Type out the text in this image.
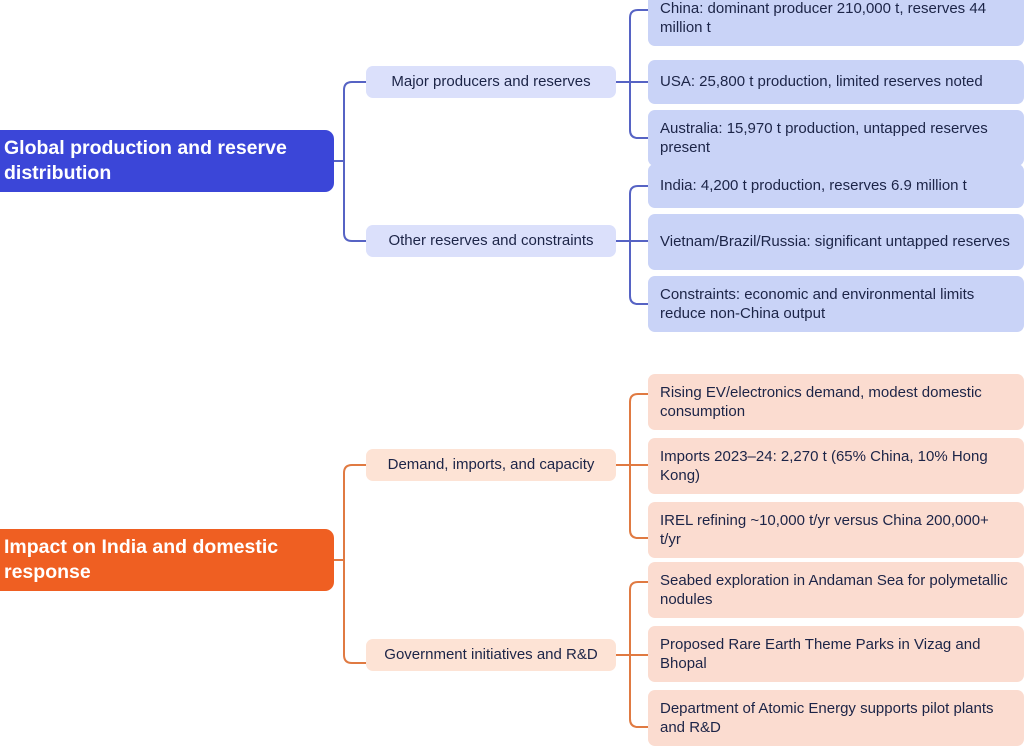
Global production and reserve distribution
Major producers and reserves
China: dominant producer 210,000 t, reserves 44 million t
USA: 25,800 t production, limited reserves noted
Australia: 15,970 t production, untapped reserves present
Other reserves and constraints
India: 4,200 t production, reserves 6.9 million t
Vietnam/Brazil/Russia: significant untapped reserves
Constraints: economic and environmental limits reduce non-China output
Impact on India and domestic response
Demand, imports, and capacity
Rising EV/electronics demand, modest domestic consumption
Imports 2023–24: 2,270 t (65% China, 10% Hong Kong)
IREL refining ~10,000 t/yr versus China 200,000+ t/yr
Government initiatives and R&D
Seabed exploration in Andaman Sea for polymetallic nodules
Proposed Rare Earth Theme Parks in Vizag and Bhopal
Department of Atomic Energy supports pilot plants and R&D
